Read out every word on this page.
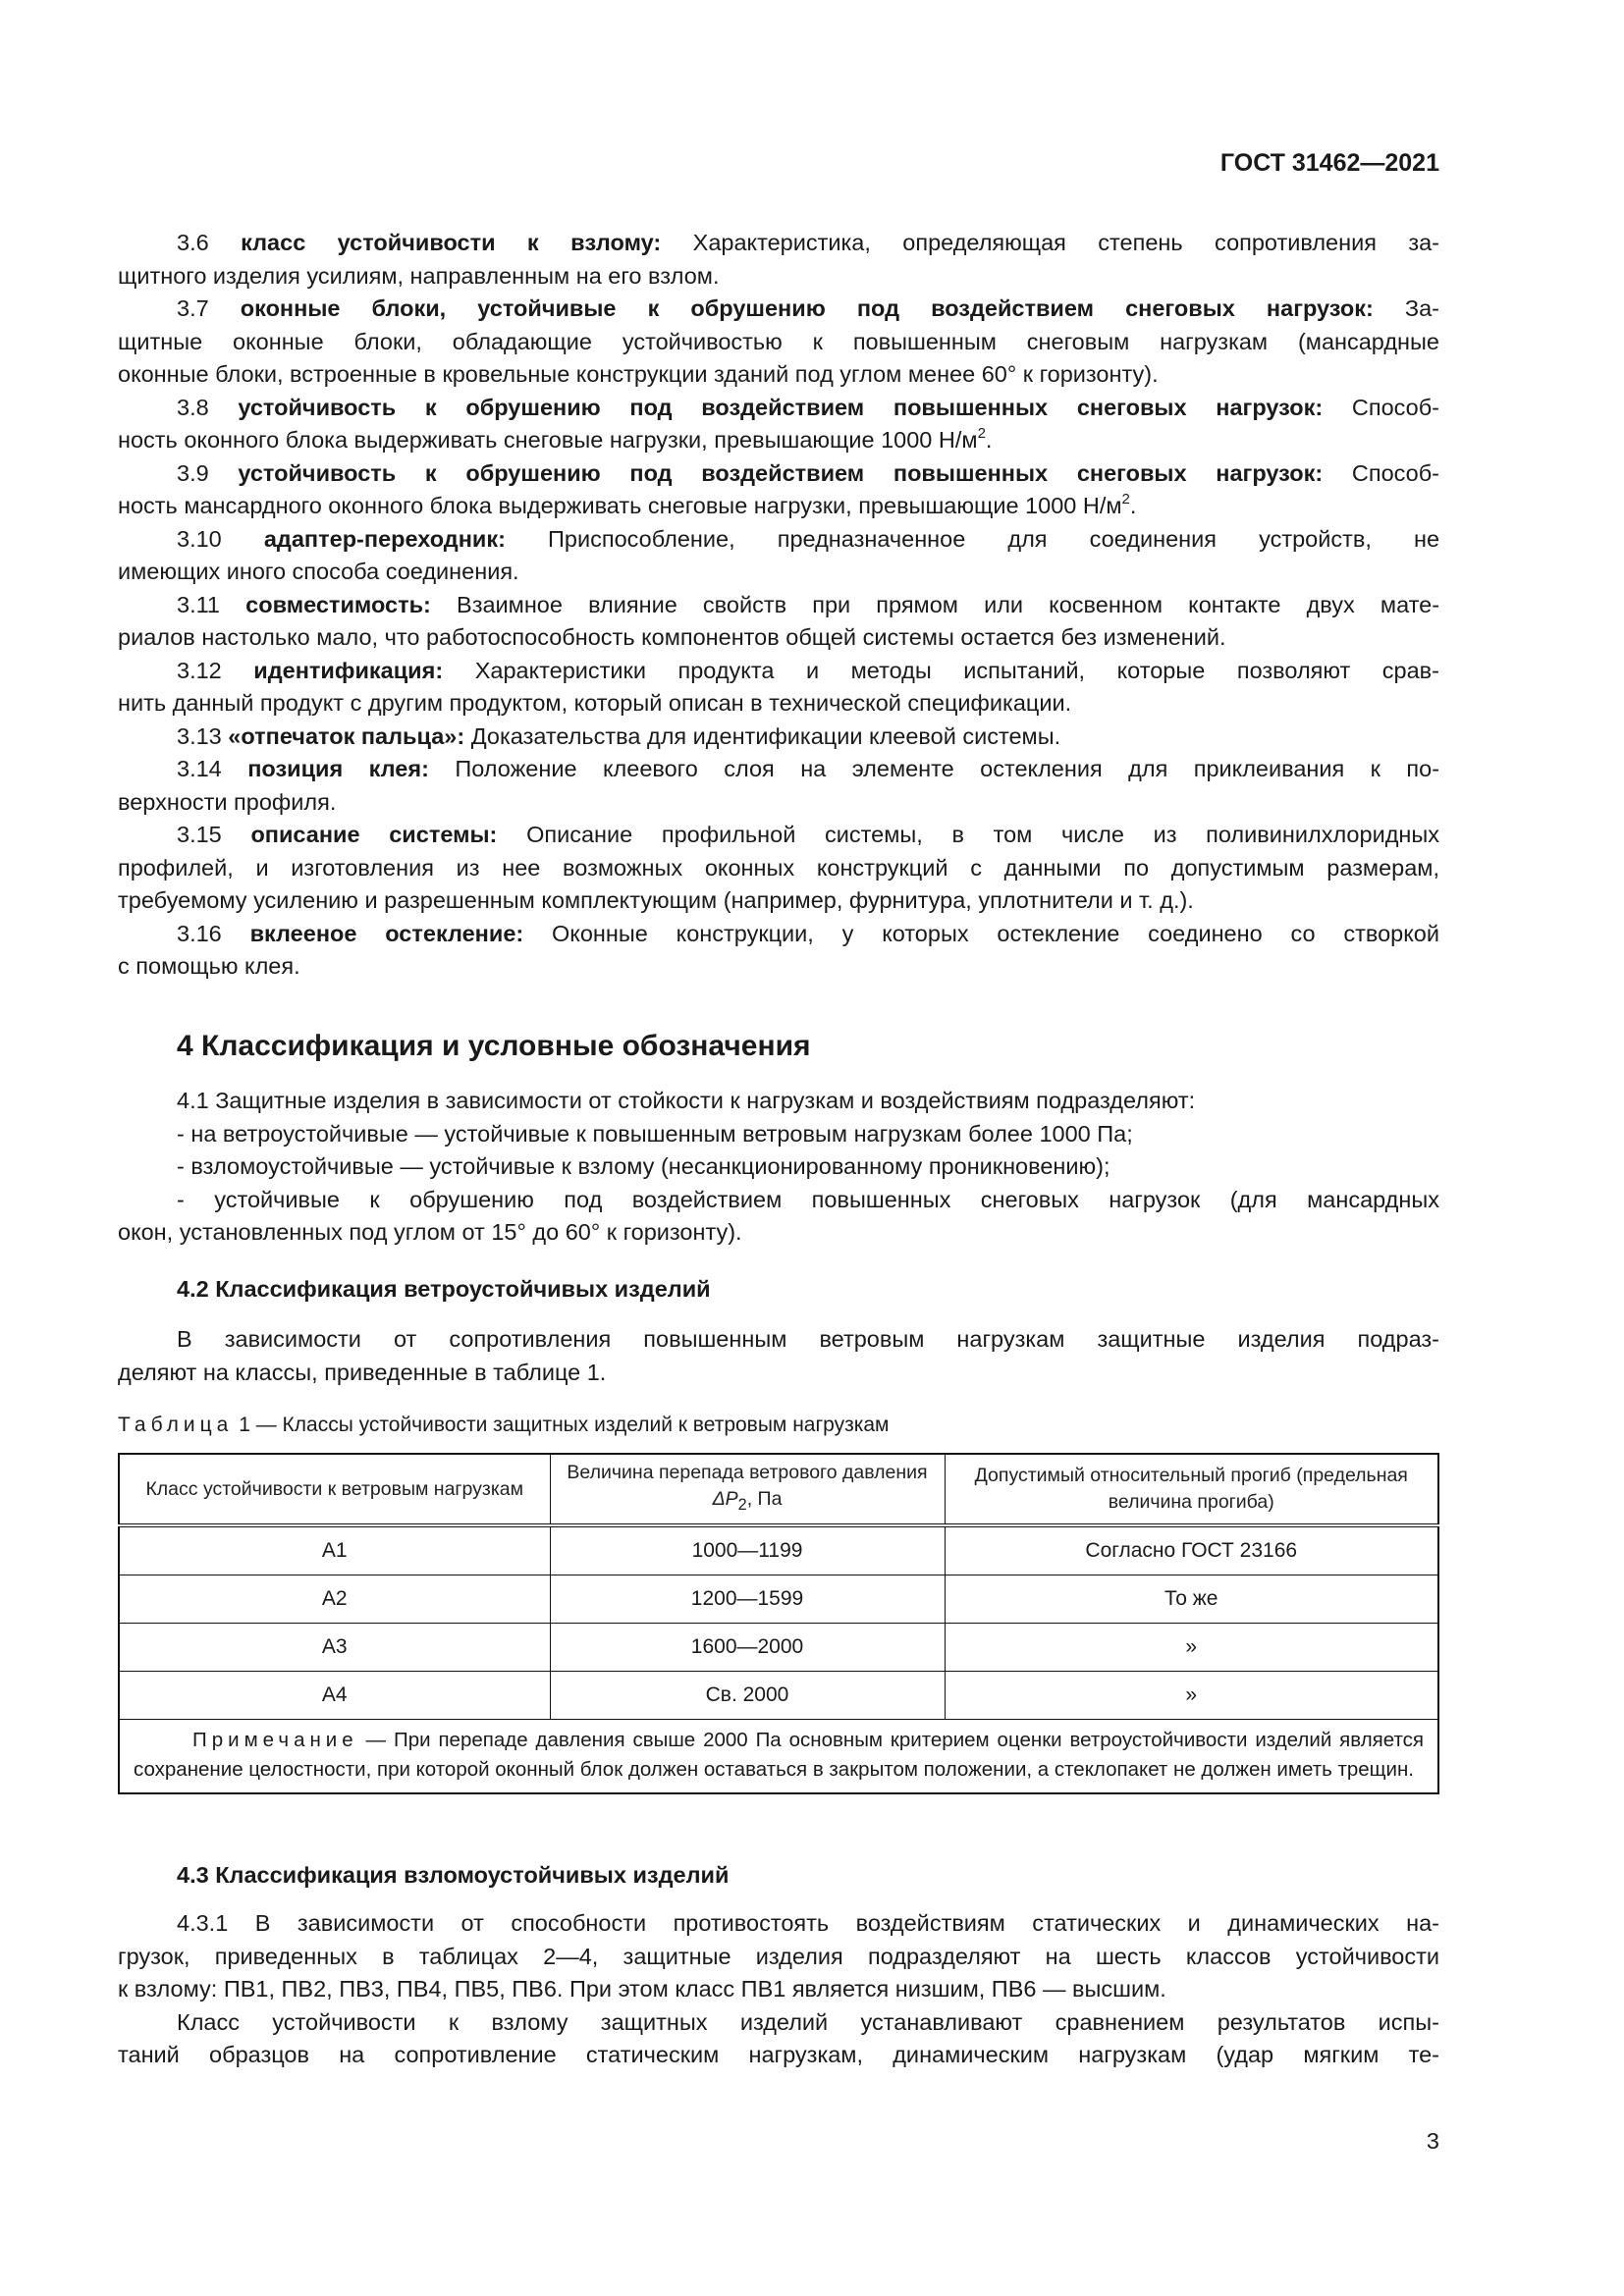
ГОСТ 31462—2021
3.6 класс устойчивости к взлому: Характеристика, определяющая степень сопротивления за-
щитного изделия усилиям, направленным на его взлом.
3.7 оконные блоки, устойчивые к обрушению под воздействием снеговых нагрузок: За-
щитные оконные блоки, обладающие устойчивостью к повышенным снеговым нагрузкам (мансардные
оконные блоки, встроенные в кровельные конструкции зданий под углом менее 60° к горизонту).
3.8 устойчивость к обрушению под воздействием повышенных снеговых нагрузок: Способ-
ность оконного блока выдерживать снеговые нагрузки, превышающие 1000 $Н/м^2$.
3.9 устойчивость к обрушению под воздействием повышенных снеговых нагрузок: Способ-
ность мансардного оконного блока выдерживать снеговые нагрузки, превышающие 1000 $Н/м^2$.
3.10 адаптер-переходник: Приспособление, предназначенное для соединения устройств, не
имеющих иного способа соединения.
3.11 совместимость: Взаимное влияние свойств при прямом или косвенном контакте двух мате-
риалов настолько мало, что работоспособность компонентов общей системы остается без изменений.
3.12 идентификация: Характеристики продукта и методы испытаний, которые позволяют срав-
нить данный продукт с другим продуктом, который описан в технической спецификации.
3.13 «отпечаток пальца»: Доказательства для идентификации клеевой системы.
3.14 позиция клея: Положение клеевого слоя на элементе остекления для приклеивания к по-
верхности профиля.
3.15 описание системы: Описание профильной системы, в том числе из поливинилхлоридных
профилей, и изготовления из нее возможных оконных конструкций с данными по допустимым размерам,
требуемому усилению и разрешенным комплектующим (например, фурнитура, уплотнители и т. д.).
3.16 вклееное остекление: Оконные конструкции, у которых остекление соединено со створкой
с помощью клея.
4 Классификация и условные обозначения
4.1 Защитные изделия в зависимости от стойкости к нагрузкам и воздействиям подразделяют:
- на ветроустойчивые — устойчивые к повышенным ветровым нагрузкам более 1000 Па;
- взломоустойчивые — устойчивые к взлому (несанкционированному проникновению);
- устойчивые к обрушению под воздействием повышенных снеговых нагрузок (для мансардных
окон, установленных под углом от 15° до 60° к горизонту).
4.2 Классификация ветроустойчивых изделий
В зависимости от сопротивления повышенным ветровым нагрузкам защитные изделия подраз-
деляют на классы, приведенные в таблице 1.
Таблица 1 — Классы устойчивости защитных изделий к ветровым нагрузкам
Класс устойчивости к ветровым нагрузкам	Величина перепада ветрового давления
$\Delta P_2$, Па	Допустимый относительный прогиб (предельная величина прогиба)
А1	1000—1199	Согласно ГОСТ 23166
А2	1200—1599	То же
А3	1600—2000	»
А4	Св. 2000	»
Примечание — При перепаде давления свыше 2000 Па основным критерием оценки ветроустойчивости изделий является сохранение целостности, при которой оконный блок должен оставаться в закрытом положении, а стеклопакет не должен иметь трещин.		
4.3 Классификация взломоустойчивых изделий
4.3.1 В зависимости от способности противостоять воздействиям статических и динамических на-
грузок, приведенных в таблицах 2—4, защитные изделия подразделяют на шесть классов устойчивости
к взлому: ПВ1, ПВ2, ПВ3, ПВ4, ПВ5, ПВ6. При этом класс ПВ1 является низшим, ПВ6 — высшим.
Класс устойчивости к взлому защитных изделий устанавливают сравнением результатов испы-
таний образцов на сопротивление статическим нагрузкам, динамическим нагрузкам (удар мягким те-
3
